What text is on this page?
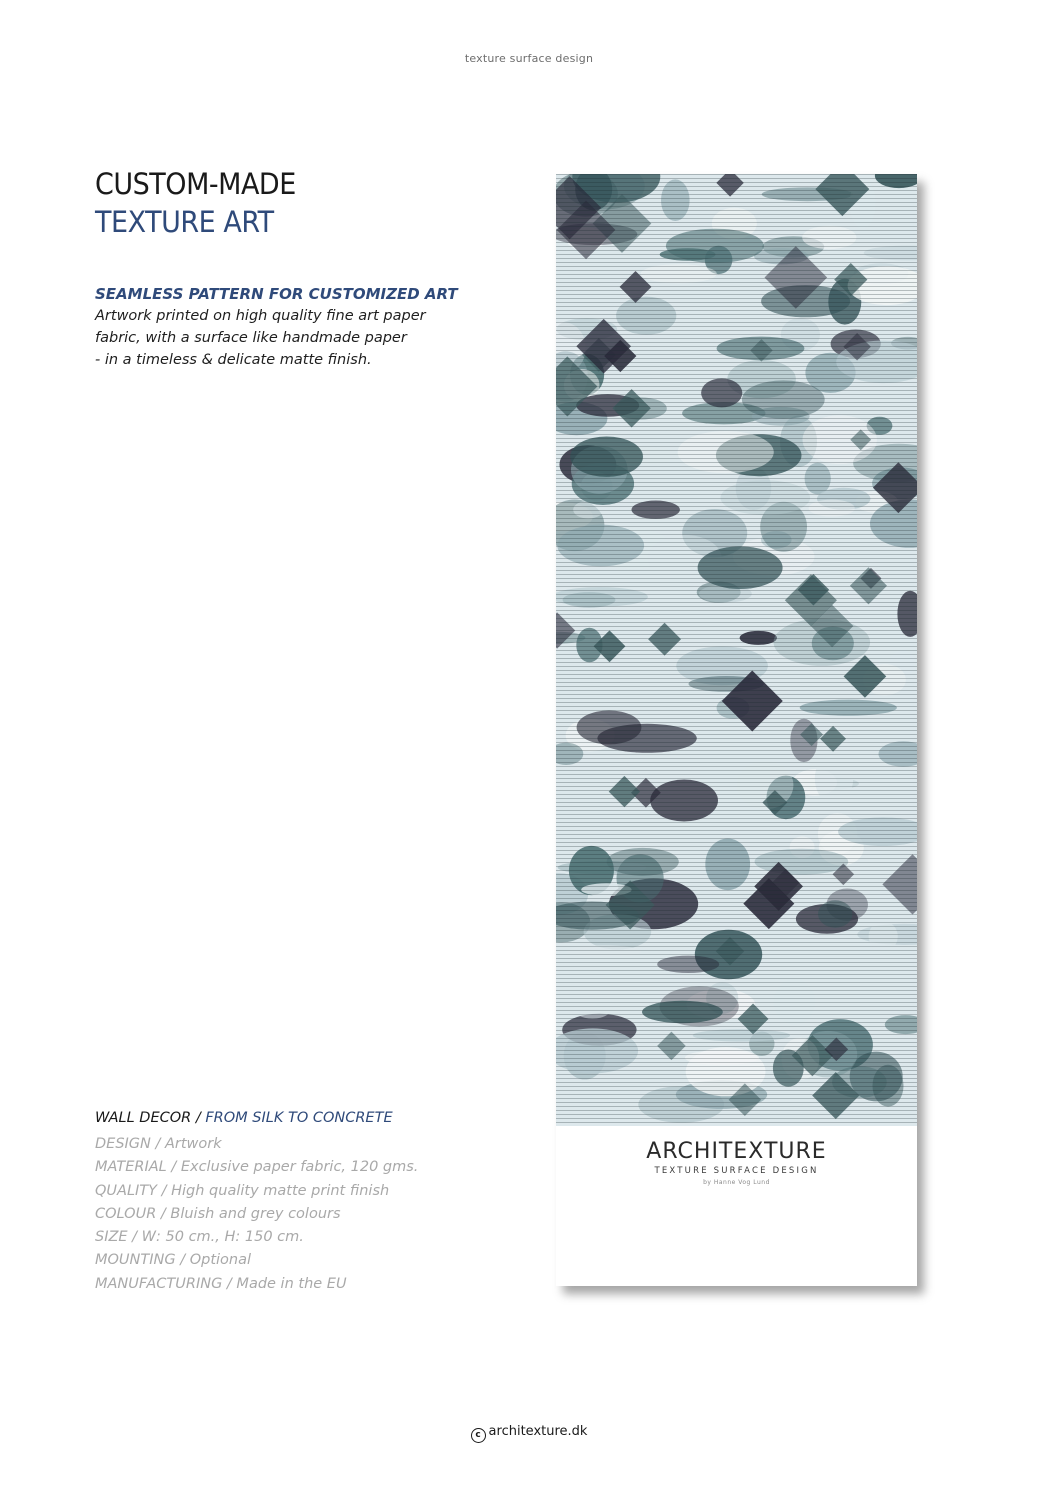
texture surface design
CUSTOM-MADE
TEXTURE ART
SEAMLESS PATTERN FOR CUSTOMIZED ART
Artwork printed on high quality fine art paper
fabric, with a surface like handmade paper
- in a timeless & delicate matte finish.
WALL DECOR / FROM SILK TO CONCRETE
DESIGN / Artwork
MATERIAL / Exclusive paper fabric, 120 gms.
QUALITY / High quality matte print finish
COLOUR / Bluish and grey colours
SIZE / W: 50 cm., H: 150 cm.
MOUNTING / Optional
MANUFACTURING / Made in the EU
ARCHITEXTURE
TEXTURE SURFACE DESIGN
by Hanne Vog Lund
c architexture.dk
